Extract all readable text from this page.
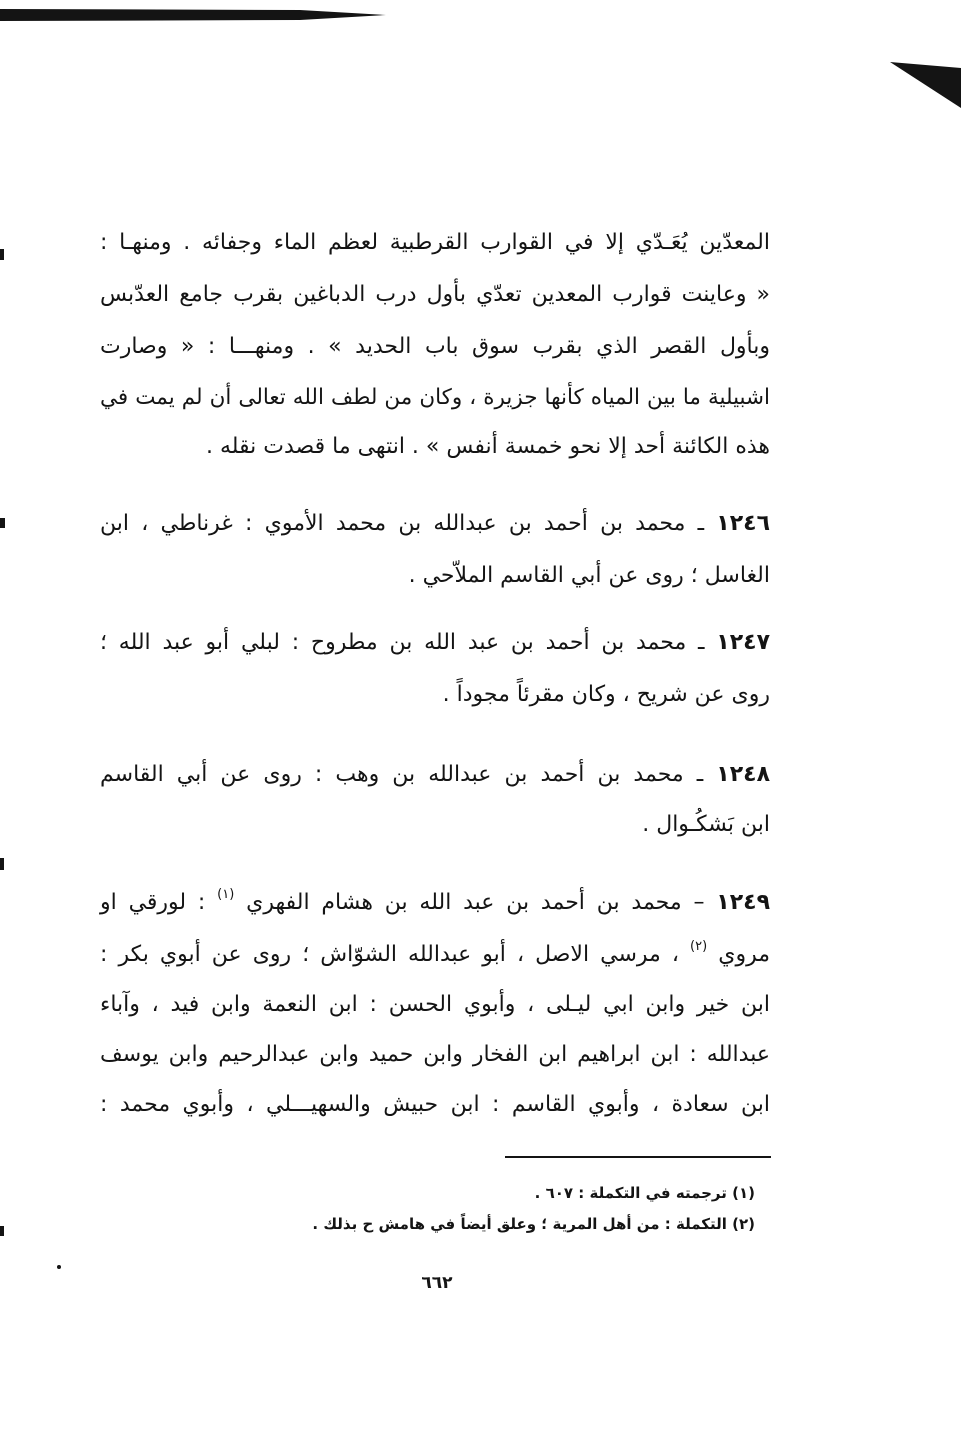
المعدّين يُعَـدّي إلا في القوارب القرطبية لعظم الماء وجفائه . ومنهـا :
« وعاينت قوارب المعدين تعدّي بأول درب الدباغين بقرب جامع العدّبس
وبأول القصر الذي بقرب سوق باب الحديد » . ومنهـــا : « وصارت
اشبيلية ما بين المياه كأنها جزيرة ، وكان من لطف الله تعالى أن لم يمت في
هذه الكائنة أحد إلا نحو خمسة أنفس » . انتهى ما قصدت نقله .
١٢٤٦ ـ محمد بن أحمد بن عبدالله بن محمد الأموي : غرناطي ، ابن
الغاسل ؛ روى عن أبي القاسم الملاّحي .
١٢٤٧ ـ محمد بن أحمد بن عبد الله بن مطروح : لبلي أبو عبد الله ؛
روى عن شريح ، وكان مقرئاً مجوداً .
١٢٤٨ ـ محمد بن أحمد بن عبدالله بن وهب : روى عن أبي القاسم
ابن بَشكُـوال .
١٢٤٩ – محمد بن أحمد بن عبد الله بن هشام الفهري $^{(١)}$ : لورقي او
مروي $^{(٢)}$ ، مرسي الاصل ، أبو عبدالله الشوّاش ؛ روى عن أبوي بكر :
ابن خير وابن ابي ليـلى ، وأبوي الحسن : ابن النعمة وابن فيد ، وآباء
عبدالله : ابن ابراهيم ابن الفخار وابن حميد وابن عبدالرحيم وابن يوسف
ابن سعادة ، وأبوي القاسم : ابن حبيش والسهيـــلي ، وأبوي محمد :
(١) ترجمته في التكملة : ٦٠٧ .
(٢) التكملة : من أهل المرية ؛ وعلق أيضاً في هامش ح بذلك .
٦٦٢
